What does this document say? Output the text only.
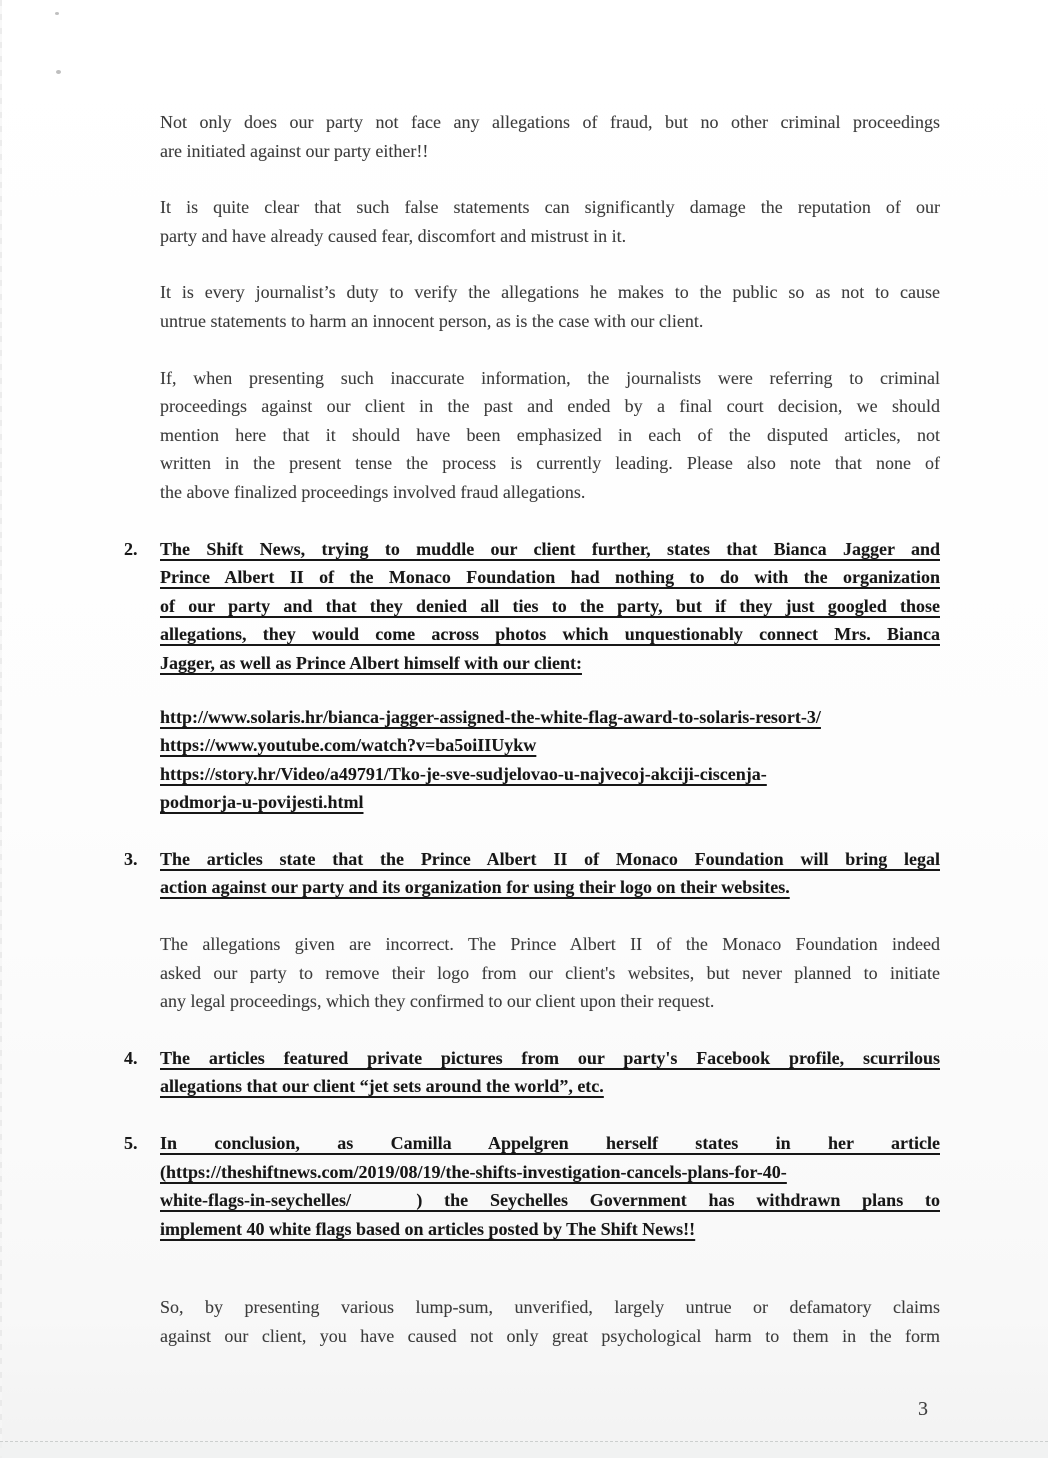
Not only does our party not face any allegations of fraud, but no other criminal proceedings
are initiated against our party either!!
It is quite clear that such false statements can significantly damage the reputation of our
party and have already caused fear, discomfort and mistrust in it.
It is every journalist’s duty to verify the allegations he makes to the public so as not to cause
untrue statements to harm an innocent person, as is the case with our client.
If, when presenting such inaccurate information, the journalists were referring to criminal
proceedings against our client in the past and ended by a final court decision, we should
mention here that it should have been emphasized in each of the disputed articles, not
written in the present tense the process is currently leading. Please also note that none of
the above finalized proceedings involved fraud allegations.
2. The Shift News, trying to muddle our client further, states that Bianca Jagger and
Prince Albert II of the Monaco Foundation had nothing to do with the organization
of our party and that they denied all ties to the party, but if they just googled those
allegations, they would come across photos which unquestionably connect Mrs. Bianca
Jagger, as well as Prince Albert himself with our client:
http://www.solaris.hr/bianca-jagger-assigned-the-white-flag-award-to-solaris-resort-3/
https://www.youtube.com/watch?v=ba5oiIIUykw
https://story.hr/Video/a49791/Tko-je-sve-sudjelovao-u-najvecoj-akciji-ciscenja-
podmorja-u-povijesti.html
3. The articles state that the Prince Albert II of Monaco Foundation will bring legal
action against our party and its organization for using their logo on their websites.
The allegations given are incorrect. The Prince Albert II of the Monaco Foundation indeed
asked our party to remove their logo from our client's websites, but never planned to initiate
any legal proceedings, which they confirmed to our client upon their request.
4. The articles featured private pictures from our party's Facebook profile, scurrilous
allegations that our client “jet sets around the world”, etc.
5. In conclusion, as Camilla Appelgren herself states in her article
(https://theshiftnews.com/2019/08/19/the-shifts-investigation-cancels-plans-for-40-
white-flags-in-seychelles/   ) the Seychelles Government has withdrawn plans to
implement 40 white flags based on articles posted by The Shift News!!
So, by presenting various lump-sum, unverified, largely untrue or defamatory claims
against our client, you have caused not only great psychological harm to them in the form
3
